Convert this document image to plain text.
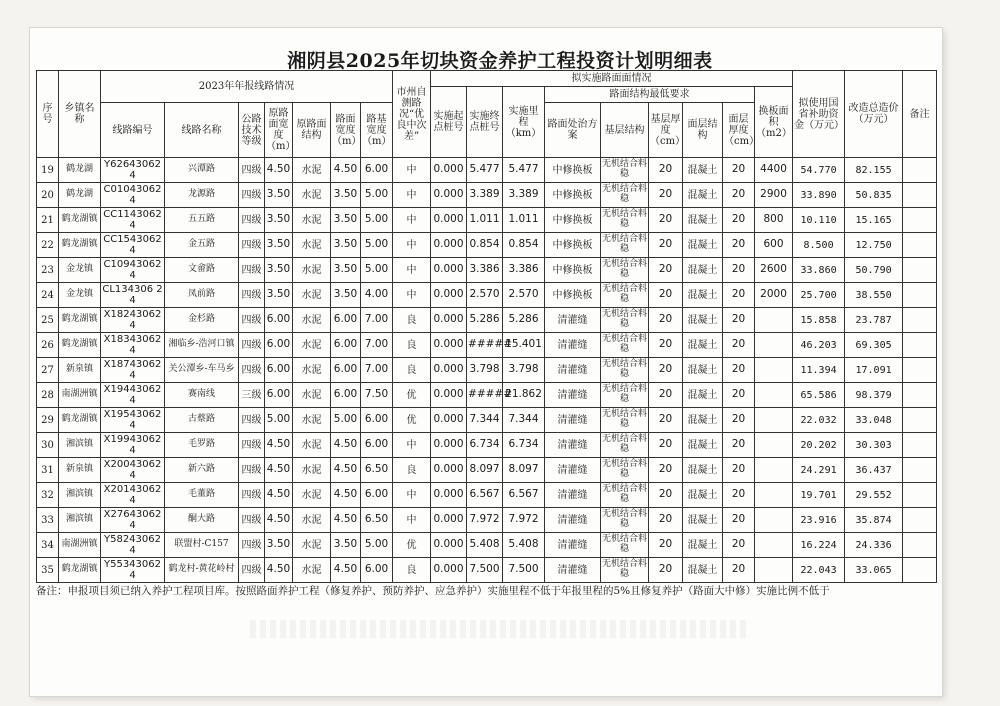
湘阴县2025年切块资金养护工程投资计划明细表
序号	乡镇名称	2023年年报线路情况							市州自测路况“优良中次差”	拟实施路面面情况									拟使用国省补助资金（万元）	改造总造价（万元）	备注
										实施起点桩号	实施终点桩号	实施里程（km）	路面结构最低要求					换板面积（m2）			
		线路编号	线路名称	公路技术等级	原路面宽度（m）	原路面结构	路面宽度（m）	路基宽度（m）					路面处治方案	基层结构	基层厚度（cm）	面层结构	面层厚度（cm）				
19	鹤龙湖	Y626430624	兴潭路	四级	4.50	水泥	4.50	6.00	中	0.000	5.477	5.477	中修换板	无机结合料稳	20	混凝土	20	4400	54.770	82.155	
20	鹤龙湖	C010430624	龙源路	四级	3.50	水泥	3.50	5.00	中	0.000	3.389	3.389	中修换板	无机结合料稳	20	混凝土	20	2900	33.890	50.835	
21	鹤龙湖镇	CC1143062 4	五五路	四级	3.50	水泥	3.50	5.00	中	0.000	1.011	1.011	中修换板	无机结合料稳	20	混凝土	20	800	10.110	15.165	
22	鹤龙湖镇	CC1543062 4	金五路	四级	3.50	水泥	3.50	5.00	中	0.000	0.854	0.854	中修换板	无机结合料稳	20	混凝土	20	600	8.500	12.750	
23	金龙镇	C109430624	文畲路	四级	3.50	水泥	3.50	5.00	中	0.000	3.386	3.386	中修换板	无机结合料稳	20	混凝土	20	2600	33.860	50.790	
24	金龙镇	CL134306 24	凤前路	四级	3.50	水泥	3.50	4.00	中	0.000	2.570	2.570	中修换板	无机结合料稳	20	混凝土	20	2000	25.700	38.550	
25	鹤龙湖镇	X182430624	金杉路	四级	6.00	水泥	6.00	7.00	良	0.000	5.286	5.286	清灌缝	无机结合料稳	20	混凝土	20		15.858	23.787	
26	鹤龙湖镇	X183430624	湘临乡-浩河口镇	四级	6.00	水泥	6.00	7.00	良	0.000	#####	15.401	清灌缝	无机结合料稳	20	混凝土	20		46.203	69.305	
27	新泉镇	X187430624	关公潭乡-车马乡	四级	6.00	水泥	6.00	7.00	良	0.000	3.798	3.798	清灌缝	无机结合料稳	20	混凝土	20		11.394	17.091	
28	南湖洲镇	X194430624	赛南线	三级	6.00	水泥	6.00	7.50	优	0.000	#####	21.862	清灌缝	无机结合料稳	20	混凝土	20		65.586	98.379	
29	鹤龙湖镇	X195430624	古蔡路	四级	5.00	水泥	5.00	6.00	优	0.000	7.344	7.344	清灌缝	无机结合料稳	20	混凝土	20		22.032	33.048	
30	湘滨镇	X199430624	毛罗路	四级	4.50	水泥	4.50	6.00	中	0.000	6.734	6.734	清灌缝	无机结合料稳	20	混凝土	20		20.202	30.303	
31	新泉镇	X200430624	新六路	四级	4.50	水泥	4.50	6.50	良	0.000	8.097	8.097	清灌缝	无机结合料稳	20	混凝土	20		24.291	36.437	
32	湘滨镇	X201430624	毛董路	四级	4.50	水泥	4.50	6.00	中	0.000	6.567	6.567	清灌缝	无机结合料稳	20	混凝土	20		19.701	29.552	
33	湘滨镇	X276430624	酮大路	四级	4.50	水泥	4.50	6.50	中	0.000	7.972	7.972	清灌缝	无机结合料稳	20	混凝土	20		23.916	35.874	
34	南湖洲镇	Y582430624	联盟村-C157	四级	3.50	水泥	3.50	5.00	优	0.000	5.408	5.408	清灌缝	无机结合料稳	20	混凝土	20		16.224	24.336	
35	鹤龙湖镇	Y553430624	鹤龙村-黄花岭村	四级	4.50	水泥	4.50	6.00	良	0.000	7.500	7.500	清灌缝	无机结合料稳	20	混凝土	20		22.043	33.065	
备注：申报项目须已纳入养护工程项目库。按照路面养护工程（修复养护、预防养护、应急养护）实施里程不低于年报里程的5%且修复养护（路面大中修）实施比例不低于
